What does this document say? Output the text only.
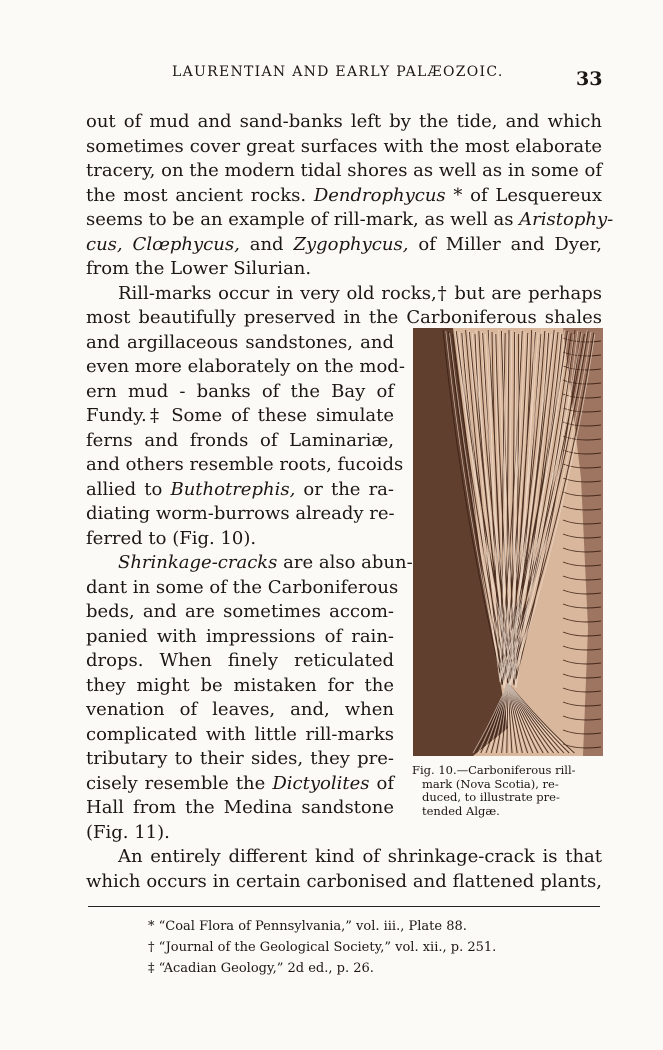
LAURENTIAN AND EARLY PALÆOZOIC.	33
out of mud and sand-banks left by the tide, and which
sometimes cover great surfaces with the most elaborate
tracery, on the modern tidal shores as well as in some of
the most ancient rocks. Dendrophycus * of Lesquereux
seems to be an example of rill-mark, as well as Aristophy-
cus, Clœphycus, and Zygophycus, of Miller and Dyer,
from the Lower Silurian.
Rill-marks occur in very old rocks,† but are perhaps
most beautifully preserved in the Carboniferous shales
and argillaceous sandstones, and
even more elaborately on the mod-
ern mud - banks of the Bay of
Fundy.‡ Some of these simulate
ferns and fronds of Laminariæ,
and others resemble roots, fucoids
allied to Buthotrephis, or the ra-
diating worm-burrows already re-
ferred to (Fig. 10).
Shrinkage-cracks are also abun-
dant in some of the Carboniferous
beds, and are sometimes accom-
panied with impressions of rain-
drops. When finely reticulated
they might be mistaken for the
venation of leaves, and, when
complicated with little rill-marks
tributary to their sides, they pre-
cisely resemble the Dictyolites of
Hall from the Medina sandstone
(Fig. 11).
An entirely different kind of shrinkage-crack is that
which occurs in certain carbonised and flattened plants,
Fig. 10.—Carboniferous rill-
mark (Nova Scotia), re-
duced, to illustrate pre-
tended Algæ.
* “Coal Flora of Pennsylvania,” vol. iii., Plate 88.
† “Journal of the Geological Society,” vol. xii., p. 251.
‡ “Acadian Geology,” 2d ed., p. 26.
